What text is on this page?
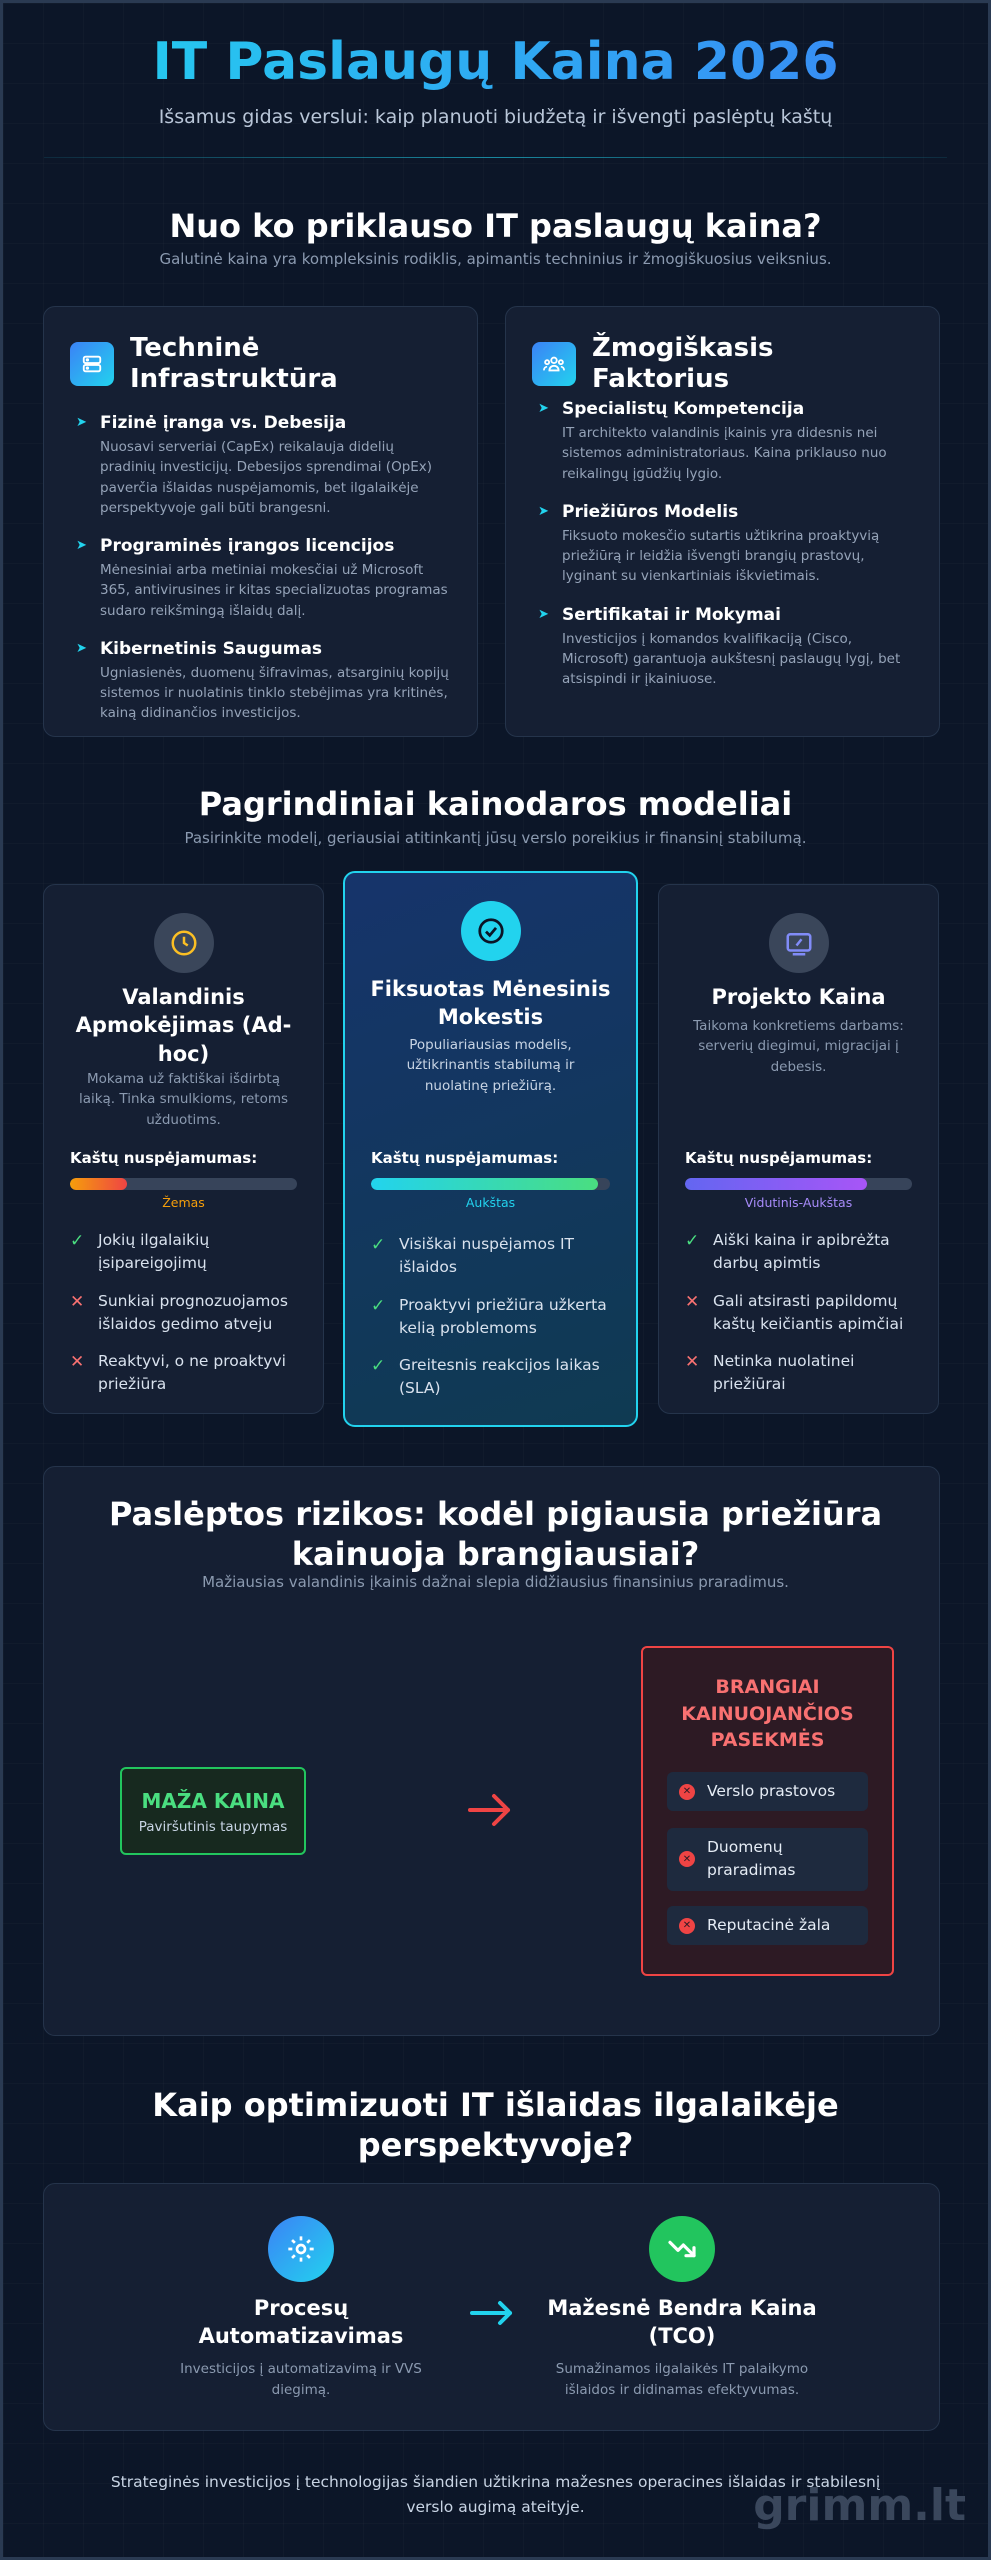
IT Paslaugų Kaina 2026

Išsamus gidas verslui: kaip planuoti biudžetą ir išvengti paslėptų kaštų

Nuo ko priklauso IT paslaugų kaina?

Galutinė kaina yra kompleksinis rodiklis, apimantis techninius ir žmogiškuosius veiksnius.

Techninė Infrastruktūra
➤ Fizinė įranga vs. Debesija
Nuosavi serveriai (CapEx) reikalauja didelių pradinių investicijų. Debesijos sprendimai (OpEx) paverčia išlaidas nuspėjamomis, bet ilgalaikėje perspektyvoje gali būti brangesni.
➤ Programinės įrangos licencijos
Mėnesiniai arba metiniai mokesčiai už Microsoft 365, antivirusines ir kitas specializuotas programas sudaro reikšmingą išlaidų dalį.
➤ Kibernetinis Saugumas
Ugniasienės, duomenų šifravimas, atsarginių kopijų sistemos ir nuolatinis tinklo stebėjimas yra kritinės, kainą didinančios investicijos.
Žmogiškasis Faktorius
➤ Specialistų Kompetencija
IT architekto valandinis įkainis yra didesnis nei sistemos administratoriaus. Kaina priklauso nuo reikalingų įgūdžių lygio.
➤ Priežiūros Modelis
Fiksuoto mokesčio sutartis užtikrina proaktyvią priežiūrą ir leidžia išvengti brangių prastovų, lyginant su vienkartiniais iškvietimais.
➤ Sertifikatai ir Mokymai
Investicijos į komandos kvalifikaciją (Cisco, Microsoft) garantuoja aukštesnį paslaugų lygį, bet atsispindi ir įkainiuose.
Pagrindiniai kainodaros modeliai

Pasirinkite modelį, geriausiai atitinkantį jūsų verslo poreikius ir finansinį stabilumą.

Valandinis Apmokėjimas (Ad-hoc)
Mokama už faktiškai išdirbtą laiką. Tinka smulkioms, retoms užduotims.
Kaštų nuspėjamumas:
Žemas
✓ Jokių ilgalaikių įsipareigojimų
✕ Sunkiai prognozuojamos išlaidos gedimo atveju
✕ Reaktyvi, o ne proaktyvi priežiūra
Fiksuotas Mėnesinis Mokestis
Populiariausias modelis, užtikrinantis stabilumą ir nuolatinę priežiūrą.
Kaštų nuspėjamumas:
Aukštas
✓ Visiškai nuspėjamos IT išlaidos
✓ Proaktyvi priežiūra užkerta kelią problemoms
✓ Greitesnis reakcijos laikas (SLA)
Projekto Kaina
Taikoma konkretiems darbams: serverių diegimui, migracijai į debesis.
Kaštų nuspėjamumas:
Vidutinis-Aukštas
✓ Aiški kaina ir apibrėžta darbų apimtis
✕ Gali atsirasti papildomų kaštų keičiantis apimčiai
✕ Netinka nuolatinei priežiūrai
Paslėptos rizikos: kodėl pigiausia priežiūra kainuoja brangiausiai?

Mažiausias valandinis įkainis dažnai slepia didžiausius finansinius praradimus.

MAŽA KAINA
Paviršutinis taupymas
BRANGIAI KAINUOJANČIOS PASEKMĖS
✕ Verslo prastovos
✕
Duomenų praradimas
✕ Reputacinė žala
Kaip optimizuoti IT išlaidas ilgalaikėje perspektyvoje?
Procesų Automatizavimas
Investicijos į automatizavimą ir VVS diegimą.
Mažesnė Bendra Kaina (TCO)
Sumažinamos ilgalaikės IT palaikymo išlaidos ir didinamas efektyvumas.

Strateginės investicijos į technologijas šiandien užtikrina mažesnes operacines išlaidas ir stabilesnį verslo augimą ateityje.	grimm.lt
